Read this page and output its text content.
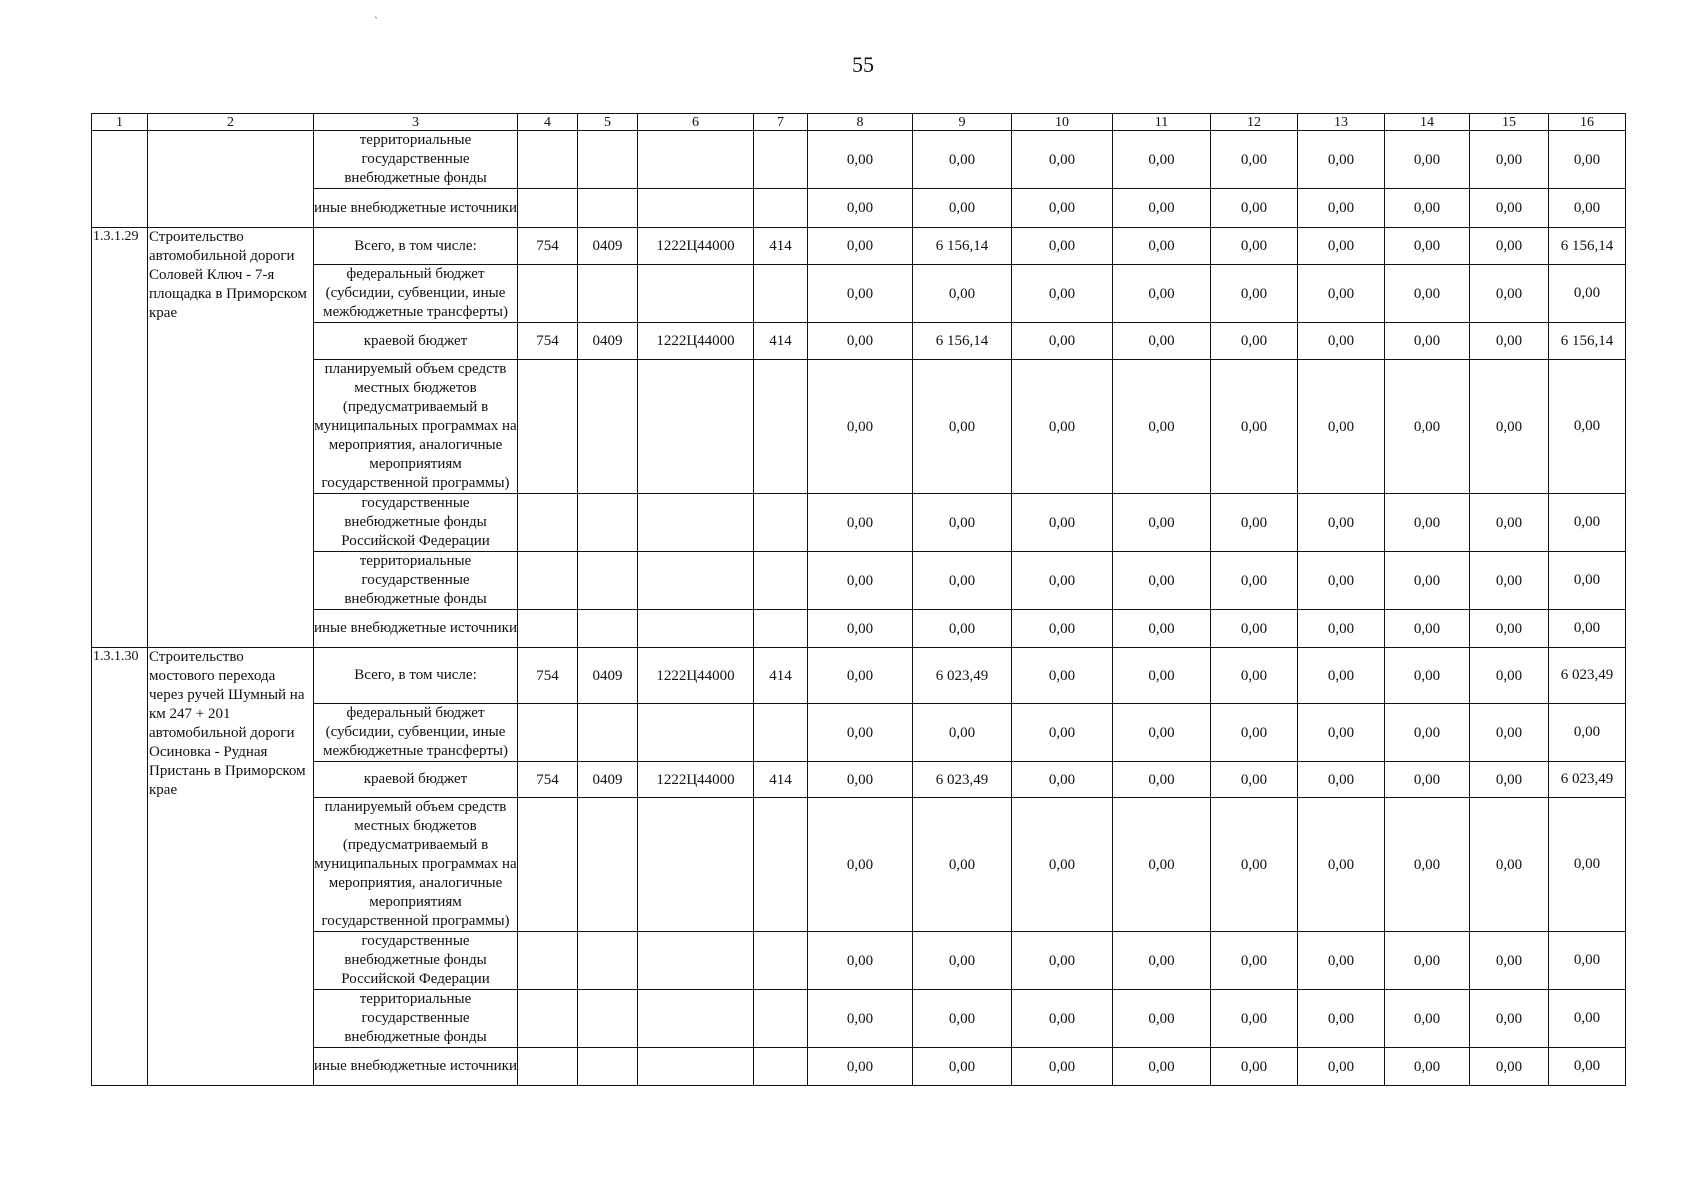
`
55
1	2	3	4	5	6	7	8	9	10	11	12	13	14	15	16
		территориальные государственные внебюджетные фонды					0,00	0,00	0,00	0,00	0,00	0,00	0,00	0,00	0,00
		иные внебюджетные источники					0,00	0,00	0,00	0,00	0,00	0,00	0,00	0,00	0,00
1.3.1.29	Строительство автомобильной дороги Соловей Ключ - 7-я площадка в Приморском крае	Всего, в том числе:	754	0409	1222Ц44000	414	0,00	6 156,14	0,00	0,00	0,00	0,00	0,00	0,00	6 156,14
		федеральный бюджет (субсидии, субвенции, иные межбюджетные трансферты)					0,00	0,00	0,00	0,00	0,00	0,00	0,00	0,00	0,00
		краевой бюджет	754	0409	1222Ц44000	414	0,00	6 156,14	0,00	0,00	0,00	0,00	0,00	0,00	6 156,14
		планируемый объем средств местных бюджетов (предусматриваемый в муниципальных программах на мероприятия, аналогичные мероприятиям государственной программы)					0,00	0,00	0,00	0,00	0,00	0,00	0,00	0,00	0,00
		государственные внебюджетные фонды Российской Федерации					0,00	0,00	0,00	0,00	0,00	0,00	0,00	0,00	0,00
		территориальные государственные внебюджетные фонды					0,00	0,00	0,00	0,00	0,00	0,00	0,00	0,00	0,00
		иные внебюджетные источники					0,00	0,00	0,00	0,00	0,00	0,00	0,00	0,00	0,00
1.3.1.30	Строительство мостового перехода через ручей Шумный на км 247 + 201 автомобильной дороги Осиновка - Рудная Пристань в Приморском крае	Всего, в том числе:	754	0409	1222Ц44000	414	0,00	6 023,49	0,00	0,00	0,00	0,00	0,00	0,00	6 023,49
		федеральный бюджет (субсидии, субвенции, иные межбюджетные трансферты)					0,00	0,00	0,00	0,00	0,00	0,00	0,00	0,00	0,00
		краевой бюджет	754	0409	1222Ц44000	414	0,00	6 023,49	0,00	0,00	0,00	0,00	0,00	0,00	6 023,49
		планируемый объем средств местных бюджетов (предусматриваемый в муниципальных программах на мероприятия, аналогичные мероприятиям государственной программы)					0,00	0,00	0,00	0,00	0,00	0,00	0,00	0,00	0,00
		государственные внебюджетные фонды Российской Федерации					0,00	0,00	0,00	0,00	0,00	0,00	0,00	0,00	0,00
		территориальные государственные внебюджетные фонды					0,00	0,00	0,00	0,00	0,00	0,00	0,00	0,00	0,00
		иные внебюджетные источники					0,00	0,00	0,00	0,00	0,00	0,00	0,00	0,00	0,00
